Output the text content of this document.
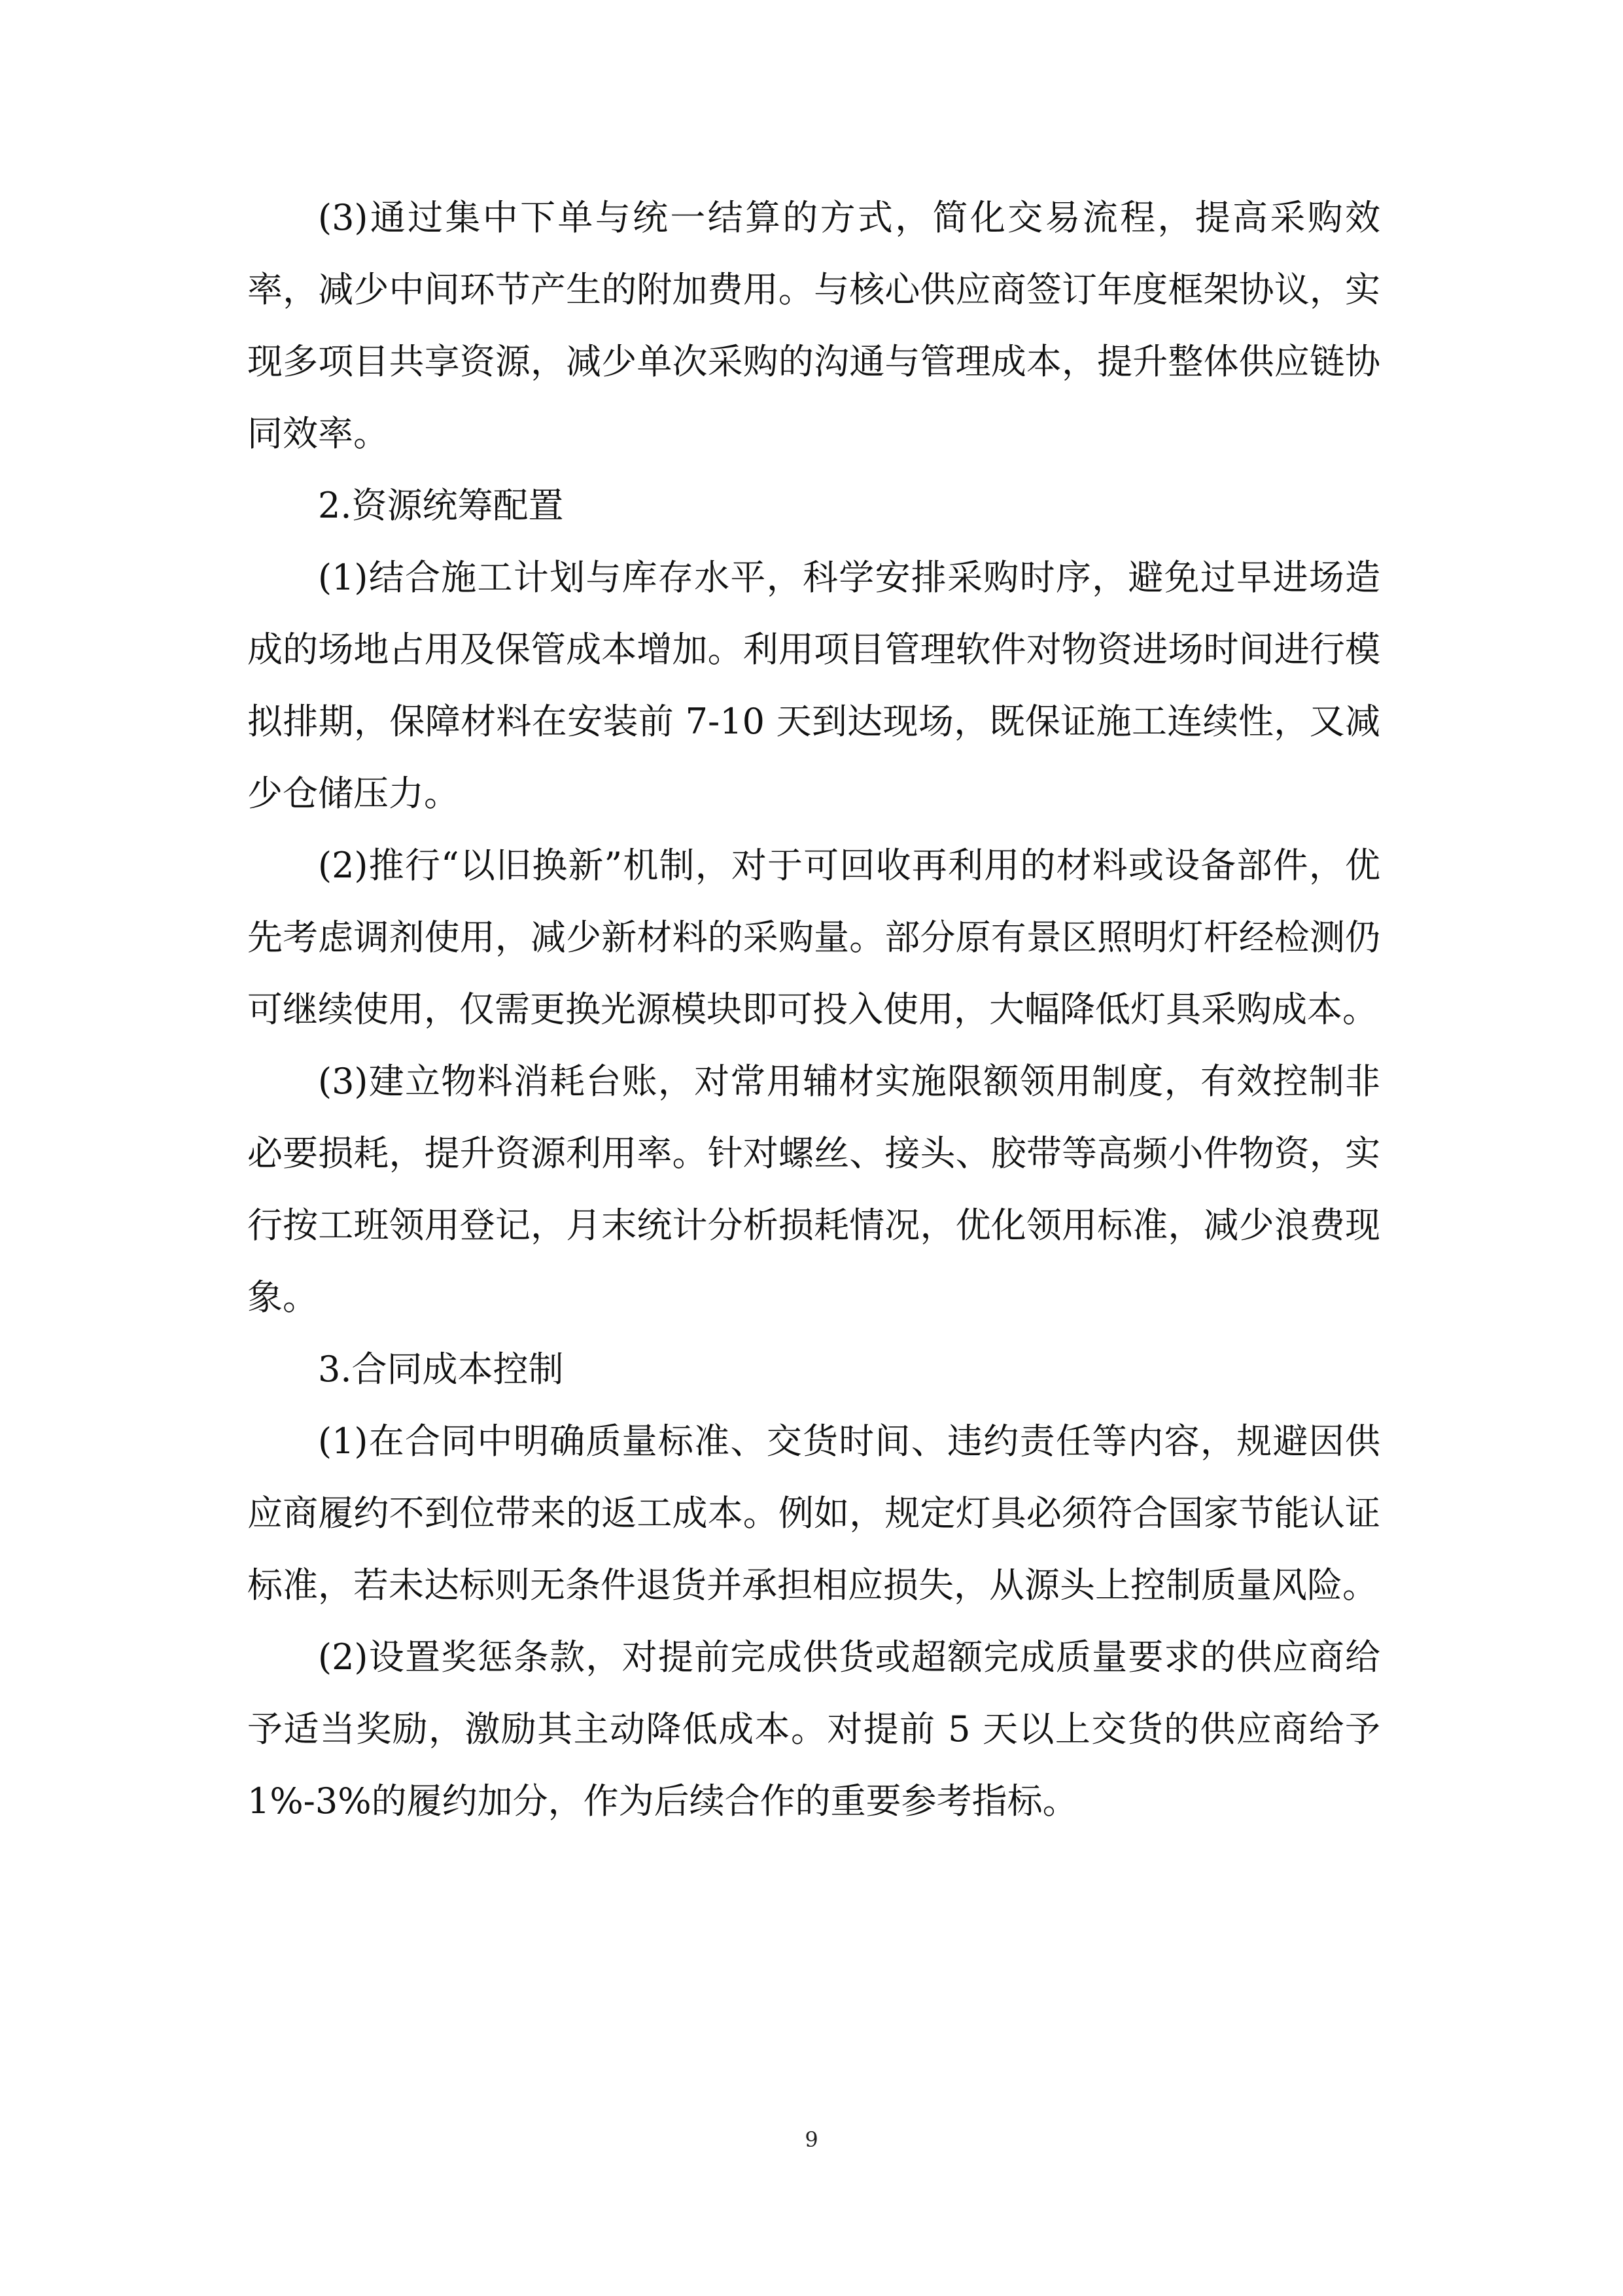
(3)通过集中下单与统一结算的方式，简化交易流程，提高采购效率，减少中间环节产生的附加费用。与核心供应商签订年度框架协议，实现多项目共享资源，减少单次采购的沟通与管理成本，提升整体供应链协同效率。

2.资源统筹配置

(1)结合施工计划与库存水平，科学安排采购时序，避免过早进场造成的场地占用及保管成本增加。利用项目管理软件对物资进场时间进行模拟排期，保障材料在安装前 7-10 天到达现场，既保证施工连续性，又减少仓储压力。

(2)推行“以旧换新”机制，对于可回收再利用的材料或设备部件，优先考虑调剂使用，减少新材料的采购量。部分原有景区照明灯杆经检测仍可继续使用，仅需更换光源模块即可投入使用，大幅降低灯具采购成本。

(3)建立物料消耗台账，对常用辅材实施限额领用制度，有效控制非必要损耗，提升资源利用率。针对螺丝、接头、胶带等高频小件物资，实行按工班领用登记，月末统计分析损耗情况，优化领用标准，减少浪费现象。

3.合同成本控制

(1)在合同中明确质量标准、交货时间、违约责任等内容，规避因供应商履约不到位带来的返工成本。例如，规定灯具必须符合国家节能认证标准，若未达标则无条件退货并承担相应损失，从源头上控制质量风险。

(2)设置奖惩条款，对提前完成供货或超额完成质量要求的供应商给予适当奖励，激励其主动降低成本。对提前 5 天以上交货的供应商给予 1%-3%的履约加分，作为后续合作的重要参考指标。

9
